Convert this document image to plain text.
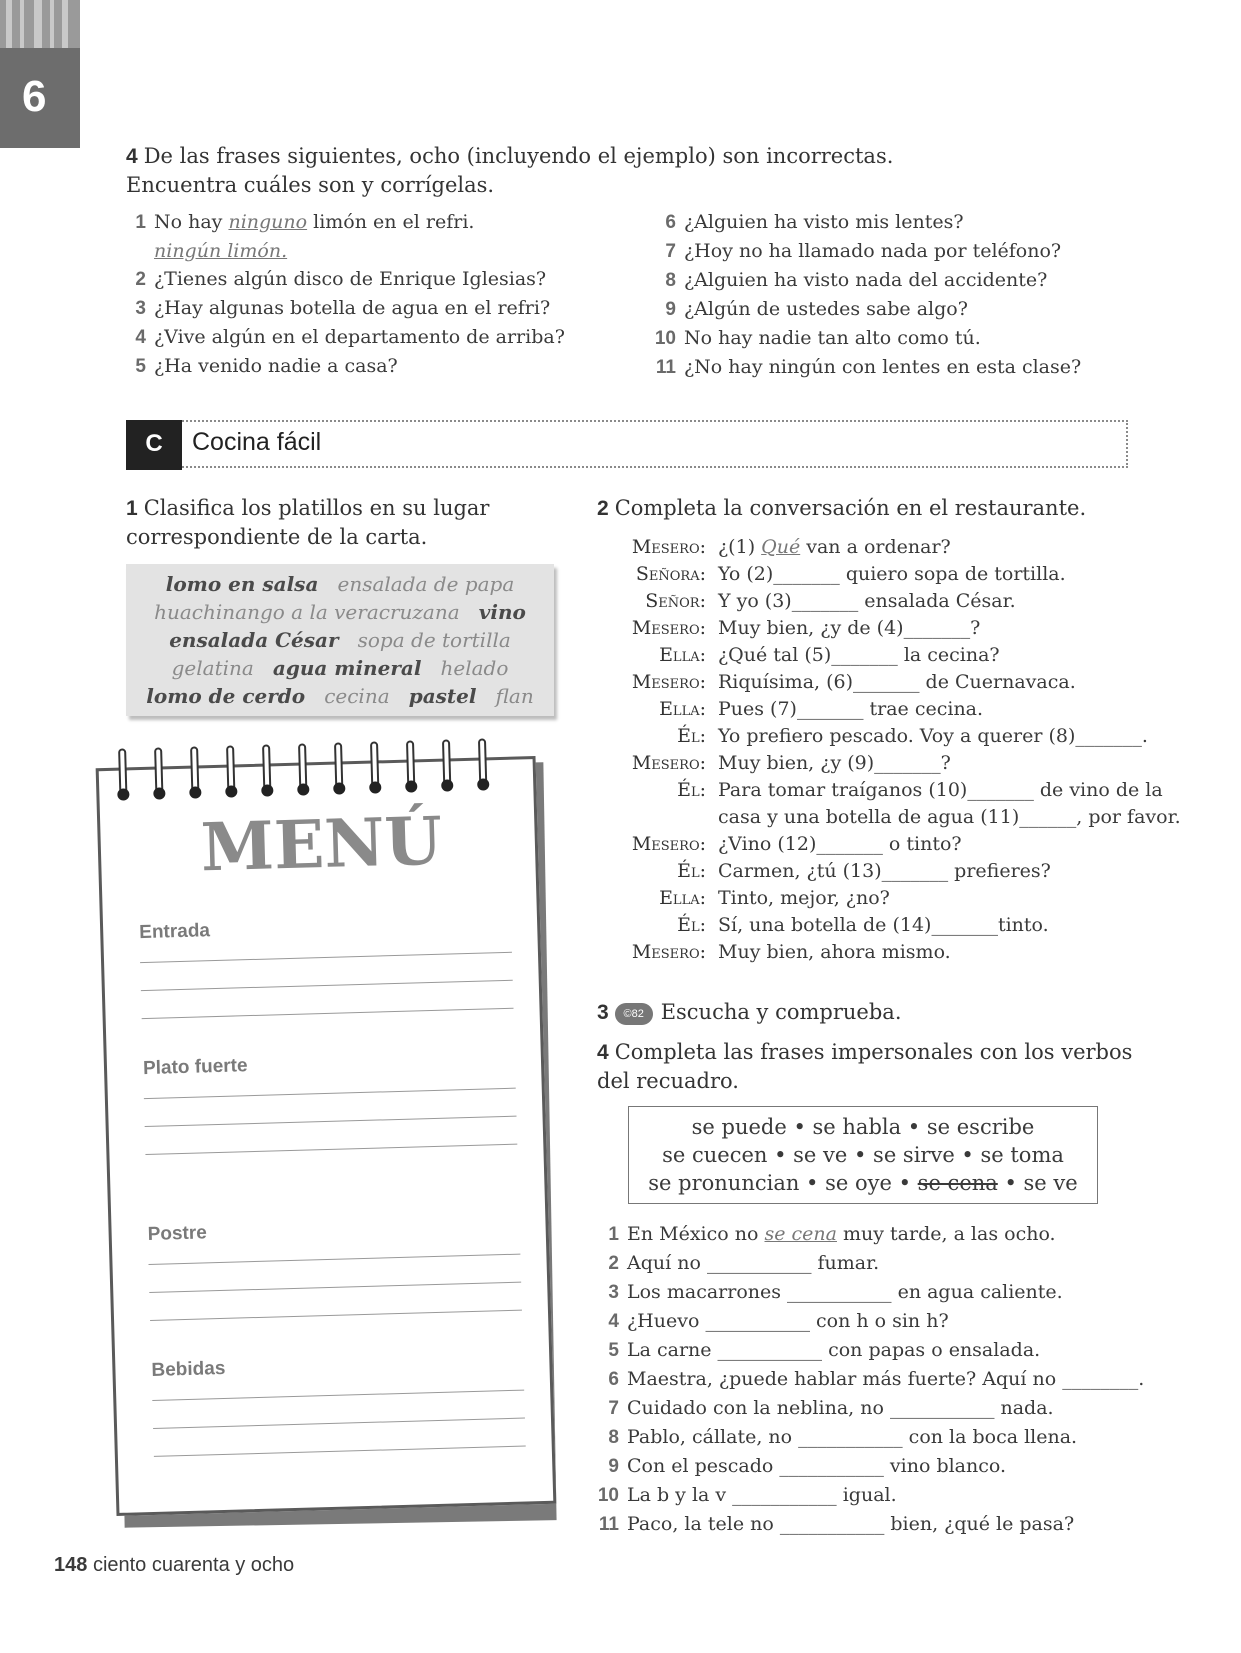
6
4 De las frases siguientes, ocho (incluyendo el ejemplo) son incorrectas.
Encuentra cuáles son y corrígelas.
1 No hay ninguno limón en el refri.
ningún limón.
2 ¿Tienes algún disco de Enrique Iglesias?
3 ¿Hay algunas botella de agua en el refri?
4 ¿Vive algún en el departamento de arriba?
5 ¿Ha venido nadie a casa?
6 ¿Alguien ha visto mis lentes?
7 ¿Hoy no ha llamado nada por teléfono?
8 ¿Alguien ha visto nada del accidente?
9 ¿Algún de ustedes sabe algo?
10 No hay nadie tan alto como tú.
11 ¿No hay ningún con lentes en esta clase?
C	Cocina fácil
1 Clasifica los platillos en su lugar
correspondiente de la carta.
lomo en salsa ensalada de papa
huachinango a la veracruzana vino
ensalada César sopa de tortilla
gelatina agua mineral helado
lomo de cerdo cecina pastel flan
MENÚ
Entrada
Plato fuerte
Postre
Bebidas
2 Completa la conversación en el restaurante.
Mesero: ¿(1) Qué van a ordenar?
Señora: Yo (2)_______ quiero sopa de tortilla.
Señor: Y yo (3)_______ ensalada César.
Mesero: Muy bien, ¿y de (4)_______?
Ella: ¿Qué tal (5)_______ la cecina?
Mesero: Riquísima, (6)_______ de Cuernavaca.
Ella: Pues (7)_______ trae cecina.
Él: Yo prefiero pescado. Voy a querer (8)_______.
Mesero: Muy bien, ¿y (9)_______?
Él: Para tomar traíganos (10)_______ de vino de la
casa y una botella de agua (11)______, por favor.
Mesero: ¿Vino (12)_______ o tinto?
Él: Carmen, ¿tú (13)_______ prefieres?
Ella: Tinto, mejor, ¿no?
Él: Sí, una botella de (14)_______tinto.
Mesero: Muy bien, ahora mismo.
3 ©82 Escucha y comprueba.
4 Completa las frases impersonales con los verbos
del recuadro.
se puede • se habla • se escribe
se cuecen • se ve • se sirve • se toma
se pronuncian • se oye • se cena • se ve
1 En México no se cena muy tarde, a las ocho.
2 Aquí no ___________ fumar.
3 Los macarrones ___________ en agua caliente.
4 ¿Huevo ___________ con h o sin h?
5 La carne ___________ con papas o ensalada.
6 Maestra, ¿puede hablar más fuerte? Aquí no ________.
7 Cuidado con la neblina, no ___________ nada.
8 Pablo, cállate, no ___________ con la boca llena.
9 Con el pescado ___________ vino blanco.
10 La b y la v ___________ igual.
11 Paco, la tele no ___________ bien, ¿qué le pasa?
148 ciento cuarenta y ocho
